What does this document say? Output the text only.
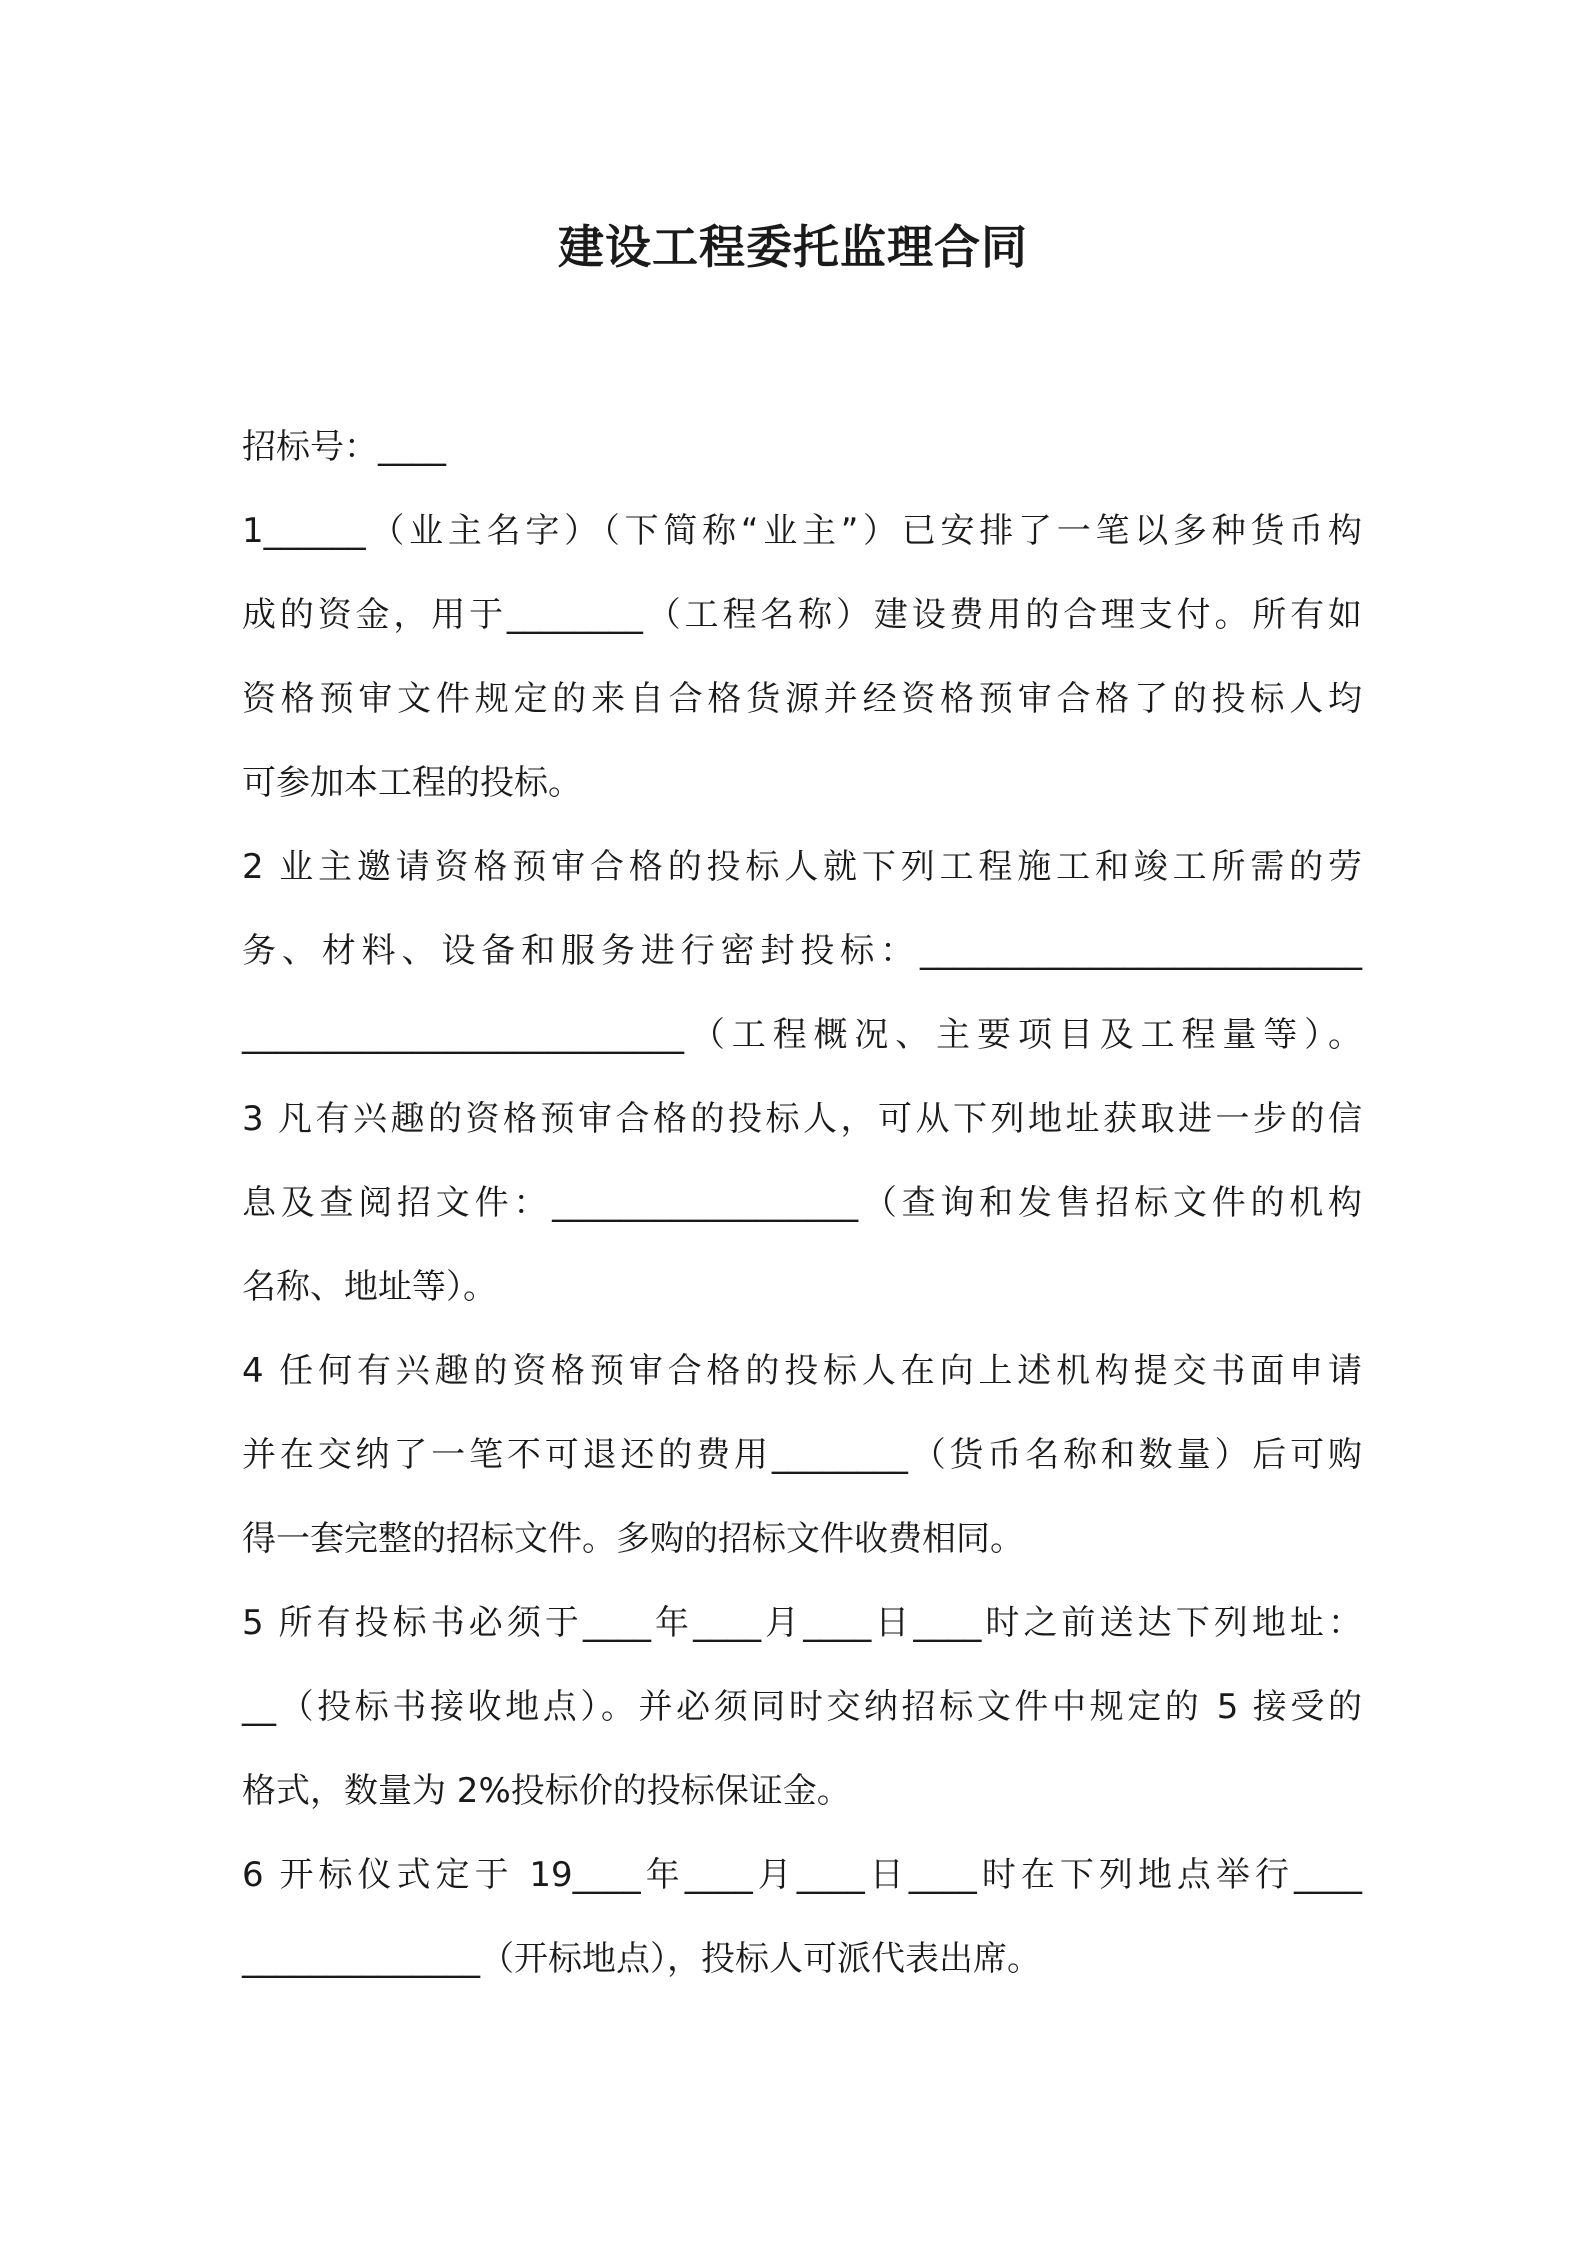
建设工程委托监理合同
招标号：____
1______（业主名字）（下简称“业主”）已安排了一笔以多种货币构
成的资金，用于________（工程名称）建设费用的合理支付。所有如
资格预审文件规定的来自合格货源并经资格预审合格了的投标人均
可参加本工程的投标。
2 业主邀请资格预审合格的投标人就下列工程施工和竣工所需的劳
务、材料、设备和服务进行密封投标：__________________________
__________________________（工程概况、主要项目及工程量等）。
3 凡有兴趣的资格预审合格的投标人，可从下列地址获取进一步的信
息及查阅招文件：__________________（查询和发售招标文件的机构
名称、地址等）。
4 任何有兴趣的资格预审合格的投标人在向上述机构提交书面申请
并在交纳了一笔不可退还的费用________（货币名称和数量）后可购
得一套完整的招标文件。多购的招标文件收费相同。
5 所有投标书必须于____年____月____日____时之前送达下列地址：
__（投标书接收地点）。并必须同时交纳招标文件中规定的 5 接受的
格式，数量为 2%投标价的投标保证金。
6 开标仪式定于 19____年____月____日____时在下列地点举行____
______________（开标地点），投标人可派代表出席。
